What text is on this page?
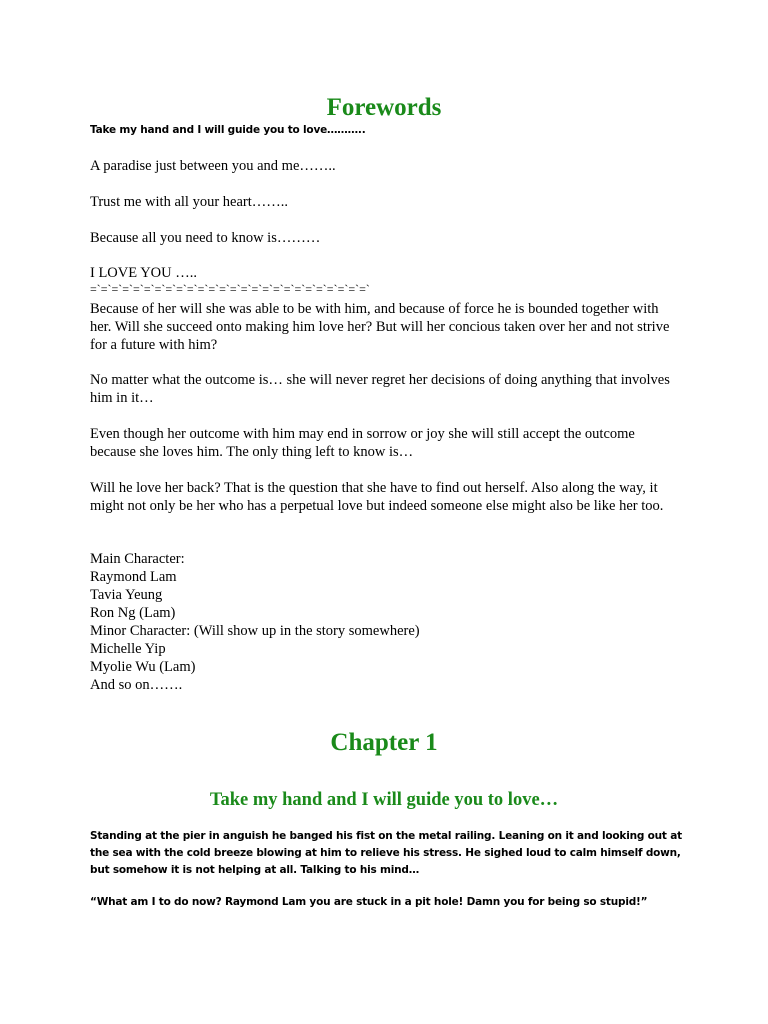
Forewords

Take my hand and I will guide you to love………..

A paradise just between you and me……..

Trust me with all your heart……..

Because all you need to know is………

I LOVE YOU …..

=`=`=`=`=`=`=`=`=`=`=`=`=`=`=`=`=`=`=`=`=`=`=`=`=`=`

Because of her will she was able to be with him, and because of force he is bounded together with her. Will she succeed onto making him love her? But will her concious taken over her and not strive for a future with him?

No matter what the outcome is… she will never regret her decisions of doing anything that involves him in it…

Even though her outcome with him may end in sorrow or joy she will still accept the outcome because she loves him. The only thing left to know is…

Will he love her back? That is the question that she have to find out herself. Also along the way, it might not only be her who has a perpetual love but indeed someone else might also be like her too.

Main Character:
Raymond Lam
Tavia Yeung
Ron Ng (Lam)
Minor Character: (Will show up in the story somewhere)
Michelle Yip
Myolie Wu (Lam)
And so on…….
Chapter 1
Take my hand and I will guide you to love…

Standing at the pier in anguish he banged his fist on the metal railing. Leaning on it and looking out at the sea with the cold breeze blowing at him to relieve his stress. He sighed loud to calm himself down, but somehow it is not helping at all. Talking to his mind…

“What am I to do now? Raymond Lam you are stuck in a pit hole! Damn you for being so stupid!”
